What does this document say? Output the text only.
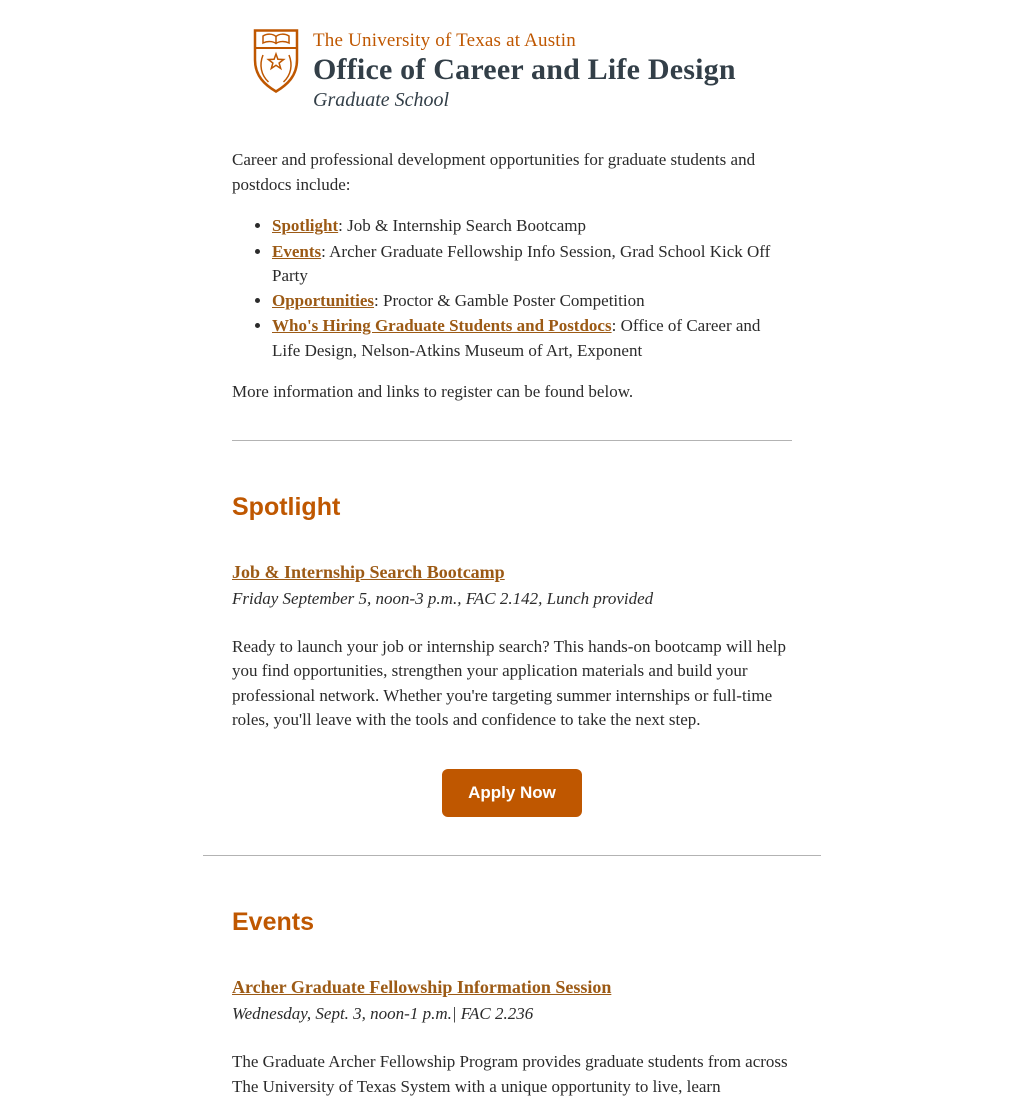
The University of Texas at Austin
Office of Career and Life Design
Graduate School

Career and professional development opportunities for graduate students and postdocs include:

• Spotlight: Job & Internship Search Bootcamp
• Events: Archer Graduate Fellowship Info Session, Grad School Kick Off Party
• Opportunities: Proctor & Gamble Poster Competition
• Who's Hiring Graduate Students and Postdocs: Office of Career and Life Design, Nelson-Atkins Museum of Art, Exponent

More information and links to register can be found below.

Spotlight
Job & Internship Search Bootcamp
Friday September 5, noon-3 p.m., FAC 2.142, Lunch provided

Ready to launch your job or internship search? This hands-on bootcamp will help you find opportunities, strengthen your application materials and build your professional network. Whether you're targeting summer internships or full-time roles, you'll leave with the tools and confidence to take the next step.

Apply Now
Events
Archer Graduate Fellowship Information Session
Wednesday, Sept. 3, noon-1 p.m.| FAC 2.236

The Graduate Archer Fellowship Program provides graduate students from across The University of Texas System with a unique opportunity to live, learn
